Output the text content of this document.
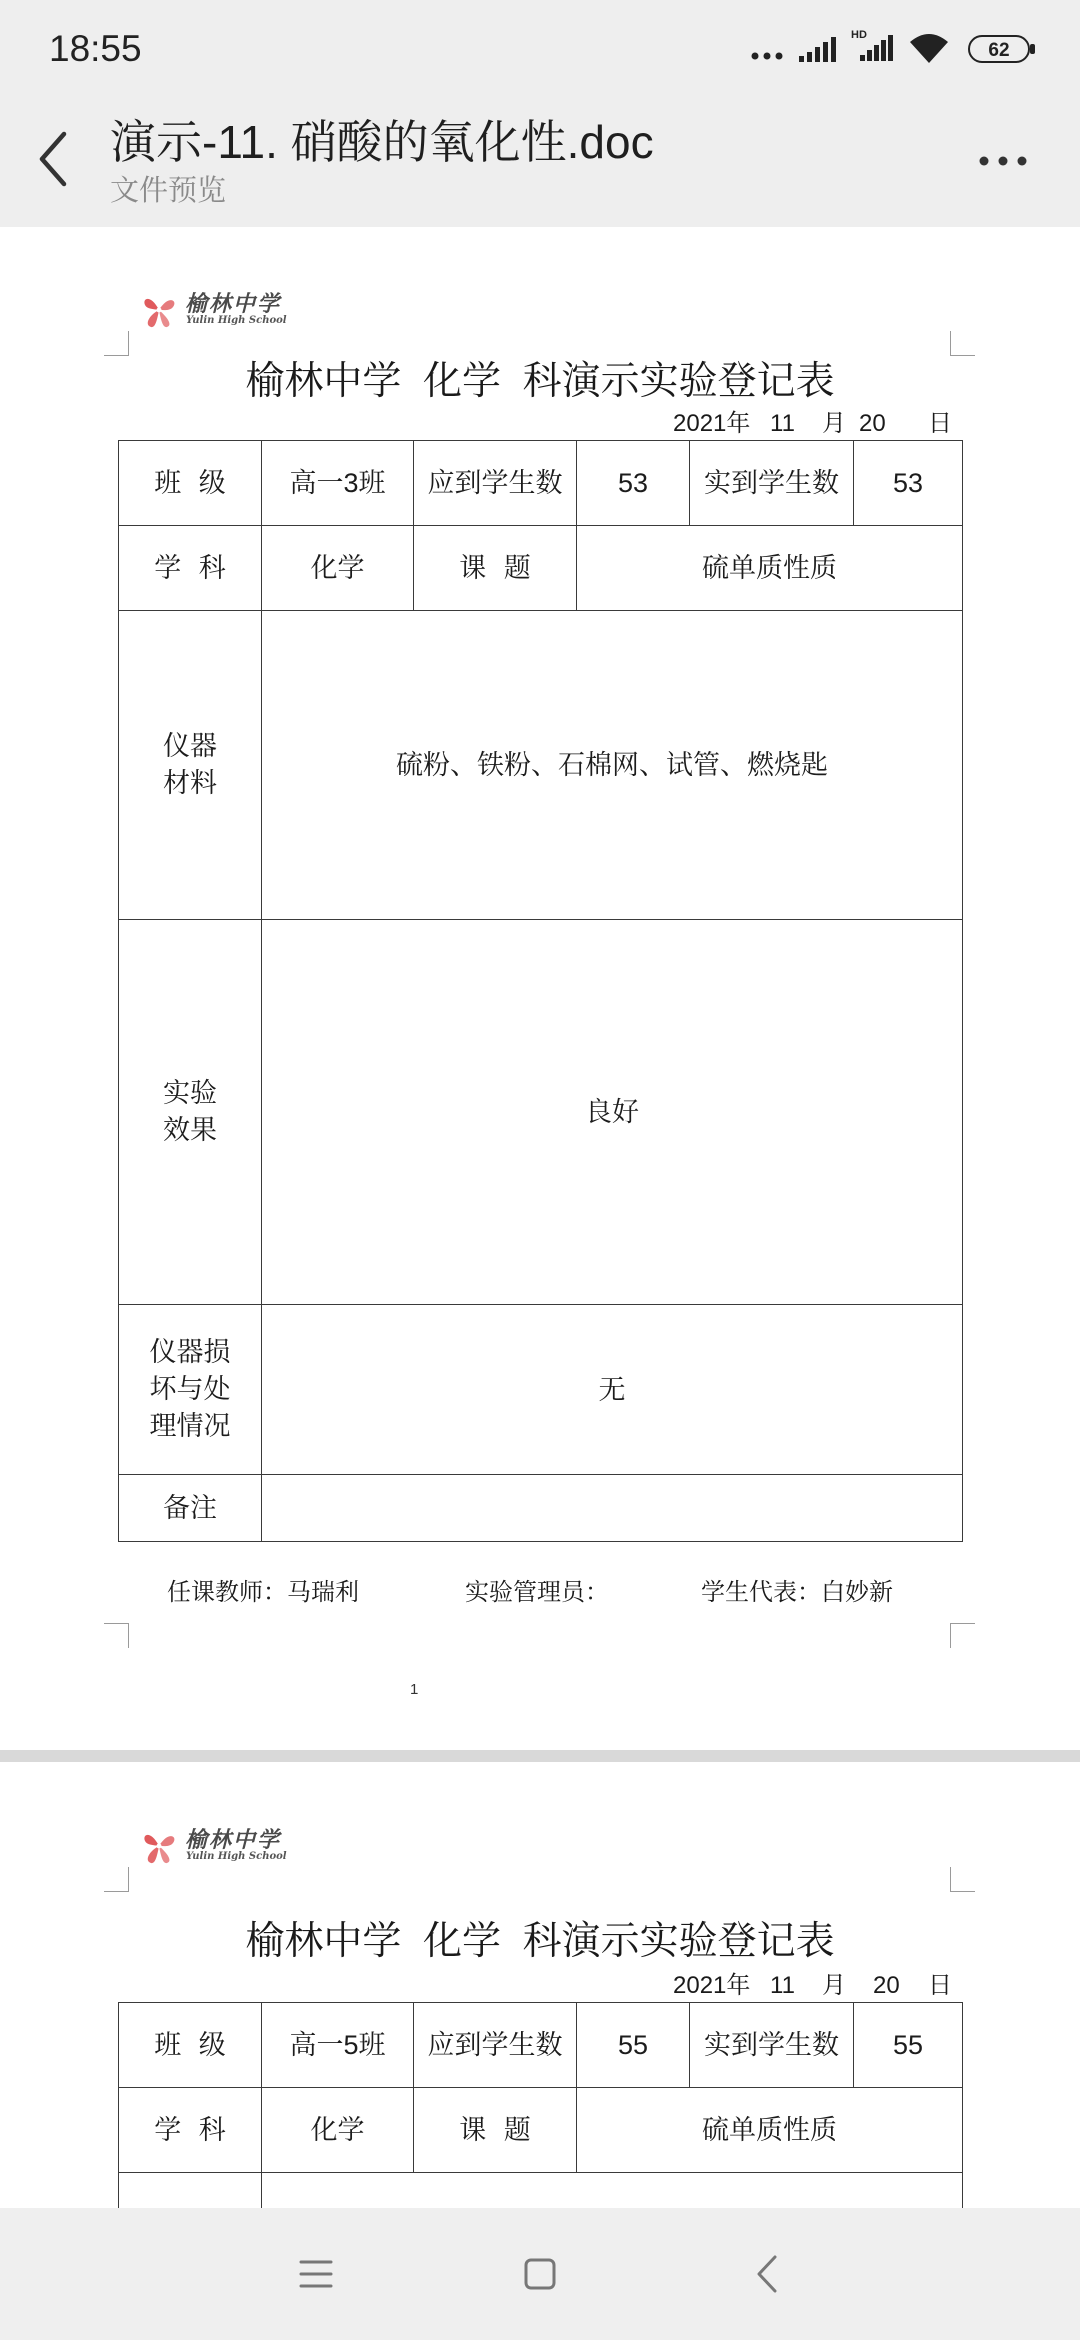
18:55	HD
62
演示-11. 硝酸的氧化性.doc
文件预览
榆林中学
Yulin High School
榆林中学  化学  科演示实验登记表
2021年 11 月 20 日
班 级	高一3班	应到学生数	53	实到学生数	53
学 科	化学	课 题	硫单质性质		

仪器
材料	硫粉、铁粉、石棉网、试管、燃烧匙				

实验
效果	良好				

仪器损
坏与处
理情况	无				
备注					
任课教师：马瑞利	实验管理员：	学生代表：白妙新
1
榆林中学
Yulin High School
榆林中学  化学  科演示实验登记表
2021年 11 月 20 日
班 级	高一5班	应到学生数	55	实到学生数	55
学 科	化学	课 题	硫单质性质		
